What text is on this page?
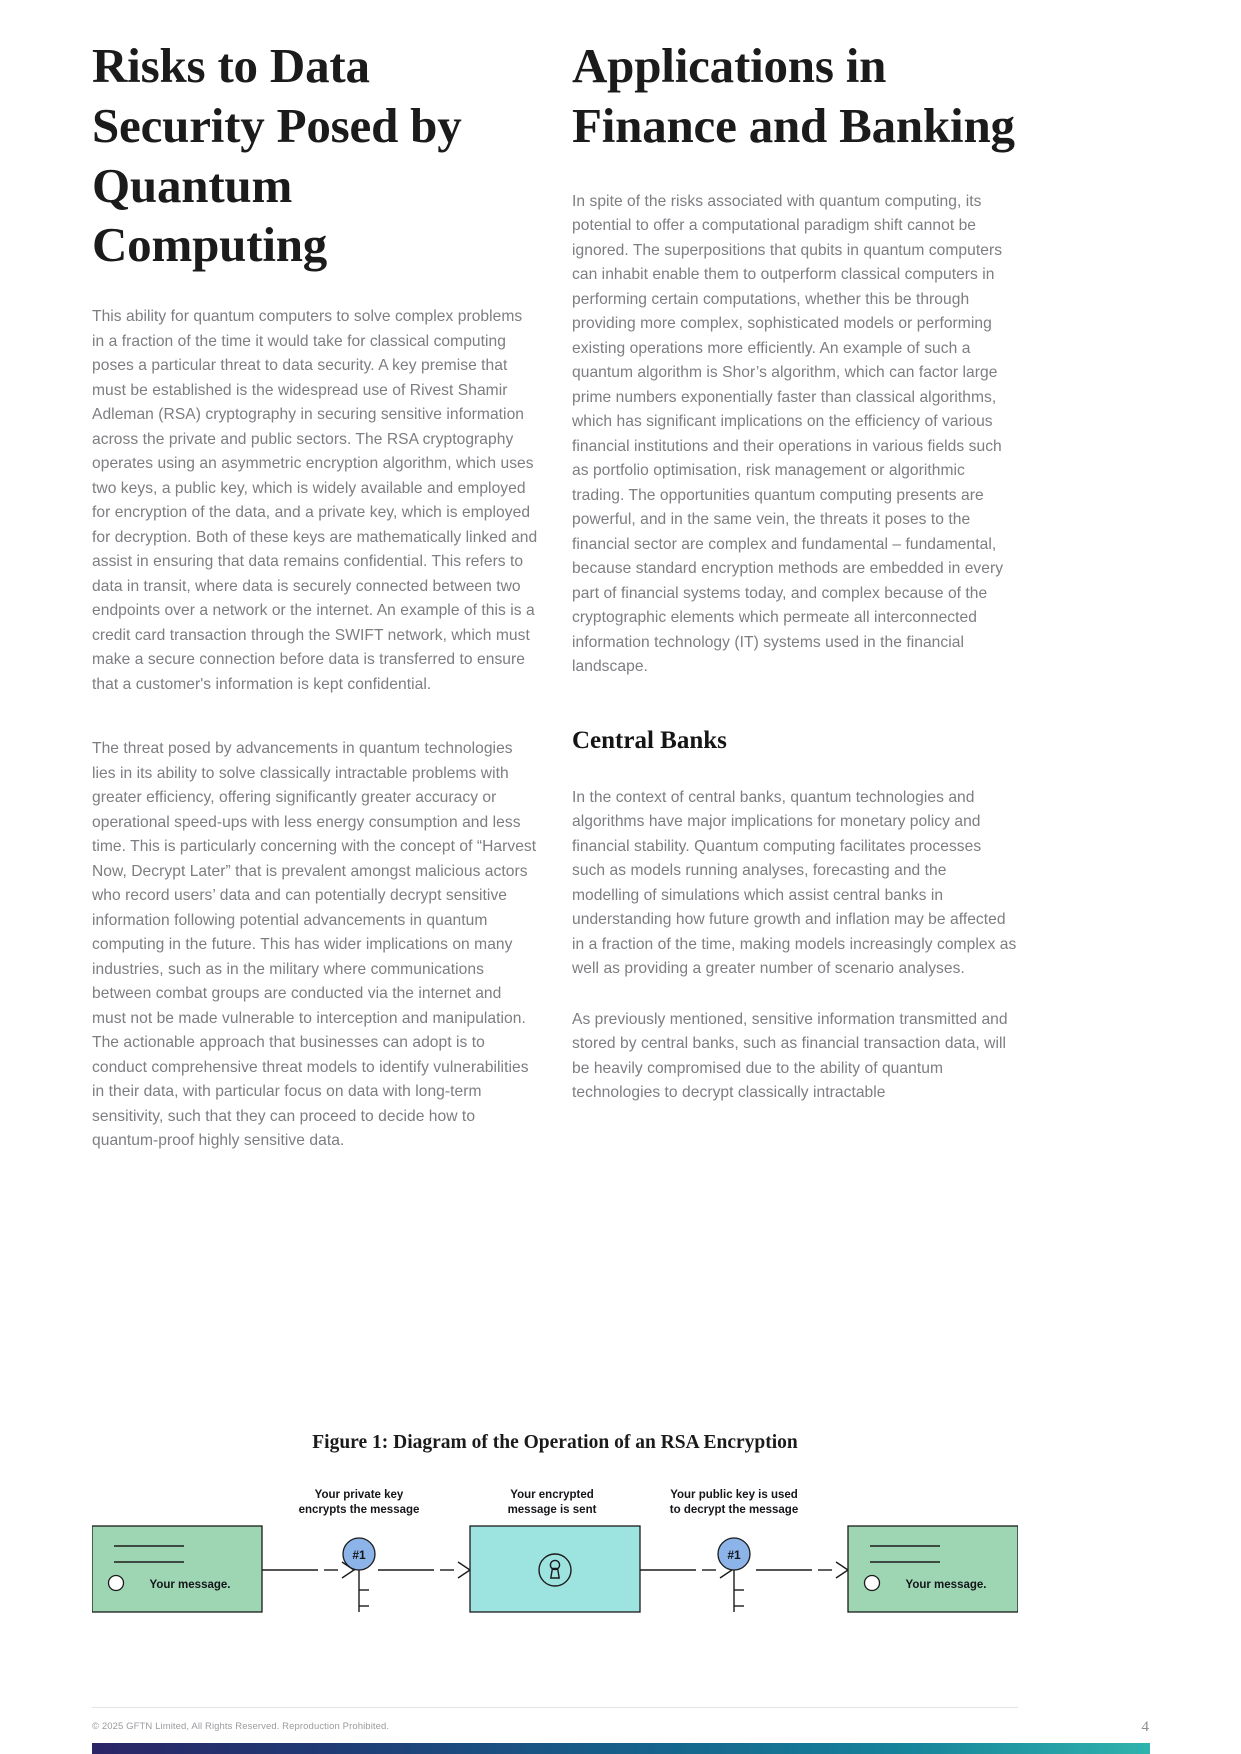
Risks to Data Security Posed by Quantum Computing

This ability for quantum computers to solve complex problems in a fraction of the time it would take for classical computing poses a particular threat to data security. A key premise that must be established is the widespread use of Rivest Shamir Adleman (RSA) cryptography in securing sensitive information across the private and public sectors. The RSA cryptography operates using an asymmetric encryption algorithm, which uses two keys, a public key, which is widely available and employed for encryption of the data, and a private key, which is employed for decryption. Both of these keys are mathematically linked and assist in ensuring that data remains confidential. This refers to data in transit, where data is securely connected between two endpoints over a network or the internet. An example of this is a credit card transaction through the SWIFT network, which must make a secure connection before data is transferred to ensure that a customer's information is kept confidential.

The threat posed by advancements in quantum technologies lies in its ability to solve classically intractable problems with greater efficiency, offering significantly greater accuracy or operational speed-ups with less energy consumption and less time. This is particularly concerning with the concept of “Harvest Now, Decrypt Later” that is prevalent amongst malicious actors who record users’ data and can potentially decrypt sensitive information following potential advancements in quantum computing in the future. This has wider implications on many industries, such as in the military where communications between combat groups are conducted via the internet and must not be made vulnerable to interception and manipulation. The actionable approach that businesses can adopt is to conduct comprehensive threat models to identify vulnerabilities in their data, with particular focus on data with long-term sensitivity, such that they can proceed to decide how to quantum-proof highly sensitive data.

Applications in Finance and Banking

In spite of the risks associated with quantum computing, its potential to offer a computational paradigm shift cannot be ignored. The superpositions that qubits in quantum computers can inhabit enable them to outperform classical computers in performing certain computations, whether this be through providing more complex, sophisticated models or performing existing operations more efficiently. An example of such a quantum algorithm is Shor’s algorithm, which can factor large prime numbers exponentially faster than classical algorithms, which has significant implications on the efficiency of various financial institutions and their operations in various fields such as portfolio optimisation, risk management or algorithmic trading. The opportunities quantum computing presents are powerful, and in the same vein, the threats it poses to the financial sector are complex and fundamental – fundamental, because standard encryption methods are embedded in every part of financial systems today, and complex because of the cryptographic elements which permeate all interconnected information technology (IT) systems used in the financial landscape.

Central Banks

In the context of central banks, quantum technologies and algorithms have major implications for monetary policy and financial stability. Quantum computing facilitates processes such as models running analyses, forecasting and the modelling of simulations which assist central banks in understanding how future growth and inflation may be affected in a fraction of the time, making models increasingly complex as well as providing a greater number of scenario analyses.

As previously mentioned, sensitive information transmitted and stored by central banks, such as financial transaction data, will be heavily compromised due to the ability of quantum technologies to decrypt classically intractable

Figure 1: Diagram of the Operation of an RSA Encryption
Your private key
encrypts the message
Your encrypted
message is sent
Your public key is used
to decrypt the message
Your message.	Your message.
#1	#1
© 2025 GFTN Limited, All Rights Reserved. Reproduction Prohibited.	4
